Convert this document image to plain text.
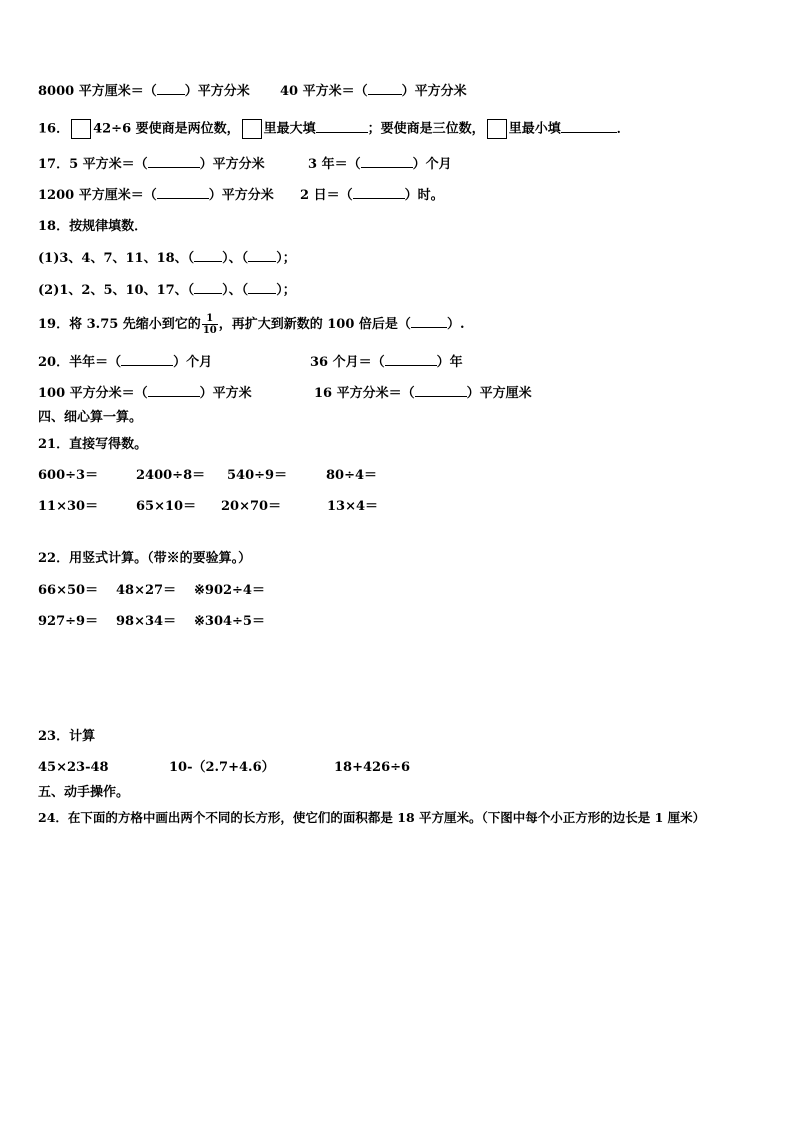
8000 平方厘米＝（ ）平方分米 40 平方米＝（	）平方分米
16． 42÷6 要使商是两位数， 里最大填	；要使商是三位数， 里最小填	．
17．5 平方米＝（	）平方分米	3 年＝（	）个月
1200 平方厘米＝（	）平方分米 2 日＝（	）时。
18．按规律填数．
(1)3、4、7、11、18、（ ）、（ ）；
(2)1、2、5、10、17、（ ）、（ ）；
19．将 3.75 先缩小到它的 $\frac{1}{10}$ ，再扩大到新数的 100 倍后是（	）.
20．半年＝（	）个月	36 个月＝（	）年
100 平方分米＝（	）平方米	16 平方分米＝（	）平方厘米
四、细心算一算。
21．直接写得数。
600÷3＝	2400÷8＝ 540÷9＝	80÷4＝
11×30＝	65×10＝ 20×70＝	13×4＝
22．用竖式计算。（带※的要验算。）
66×50＝ 48×27＝ ※902÷4＝
927÷9＝ 98×34＝ ※304÷5＝
23．计算
45×23-48	10-（2.7+4.6）	18+426÷6
五、动手操作。
24．在下面的方格中画出两个不同的长方形，使它们的面积都是 18 平方厘米。（下图中每个小正方形的边长是 1 厘米）
